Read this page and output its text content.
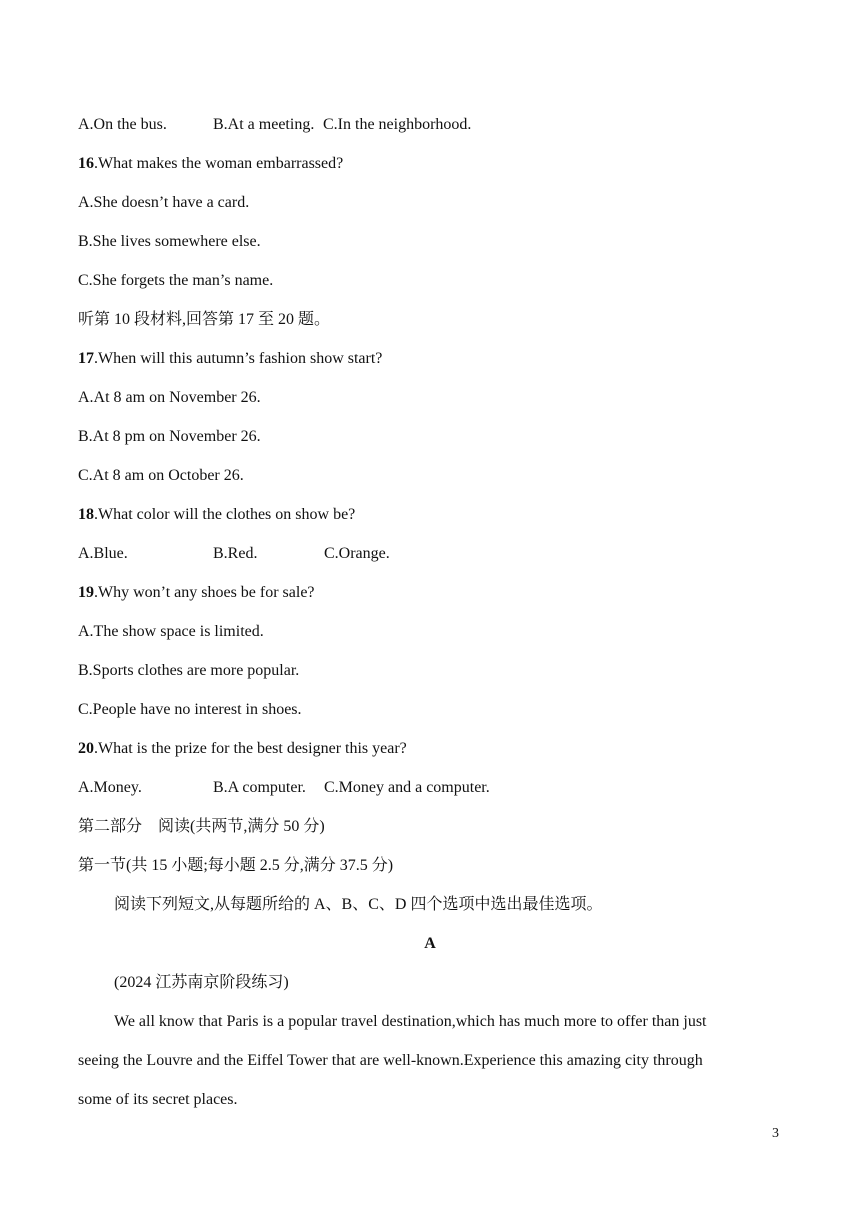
A.On the bus.	B.At a meeting. C.In the neighborhood.
16.What makes the woman embarrassed?
A.She doesn’t have a card.
B.She lives somewhere else.
C.She forgets the man’s name.
听第 10 段材料,回答第 17 至 20 题。
17.When will this autumn’s fashion show start?
A.At 8 am on November 26.
B.At 8 pm on November 26.
C.At 8 am on October 26.
18.What color will the clothes on show be?
A.Blue.	B.Red.	C.Orange.
19.Why won’t any shoes be for sale?
A.The show space is limited.
B.Sports clothes are more popular.
C.People have no interest in shoes.
20.What is the prize for the best designer this year?
A.Money.	B.A computer. C.Money and a computer.
第二部分　阅读(共两节,满分 50 分)
第一节(共 15 小题;每小题 2.5 分,满分 37.5 分)
阅读下列短文,从每题所给的 A、B、C、D 四个选项中选出最佳选项。
A
(2024 江苏南京阶段练习)
We all know that Paris is a popular travel destination,which has much more to offer than just
seeing the Louvre and the Eiffel Tower that are well-known.Experience this amazing city through
some of its secret places.
3
